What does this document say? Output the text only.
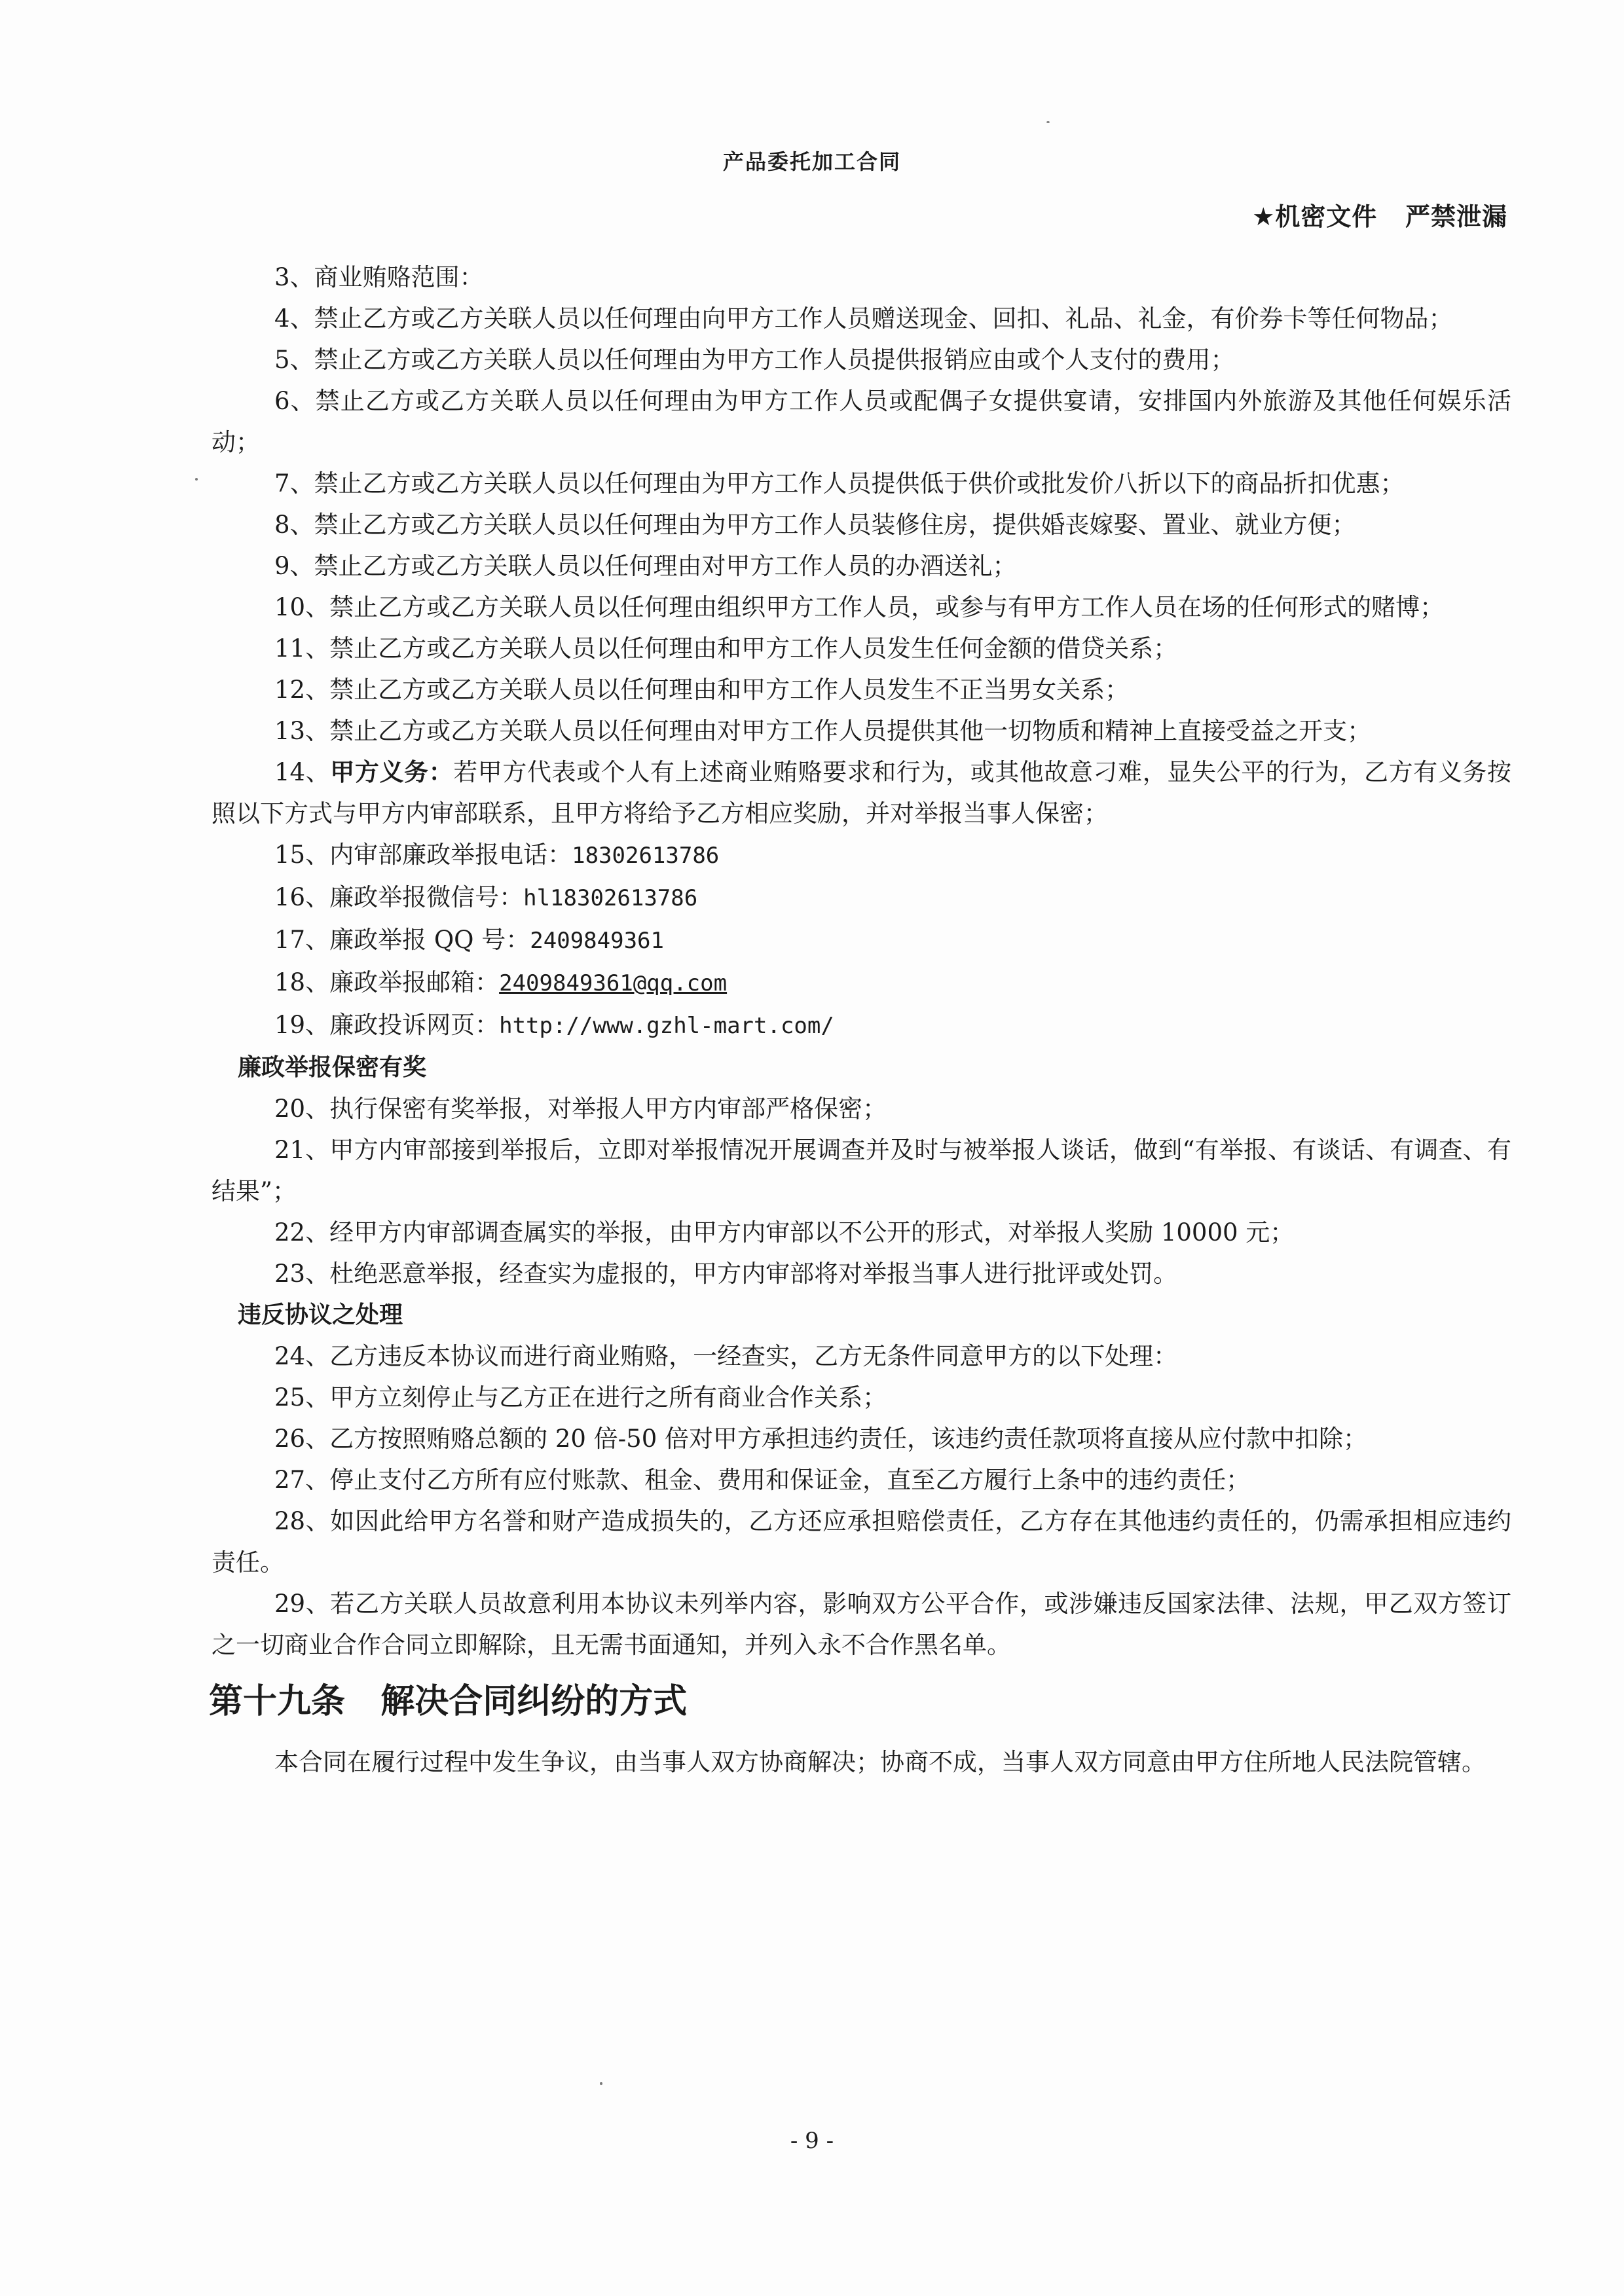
产品委托加工合同
★机密文件   严禁泄漏

3、商业贿赂范围：

4、禁止乙方或乙方关联人员以任何理由向甲方工作人员赠送现金、回扣、礼品、礼金，有价券卡等任何物品；

5、禁止乙方或乙方关联人员以任何理由为甲方工作人员提供报销应由或个人支付的费用；

6、禁止乙方或乙方关联人员以任何理由为甲方工作人员或配偶子女提供宴请，安排国内外旅游及其他任何娱乐活动；

7、禁止乙方或乙方关联人员以任何理由为甲方工作人员提供低于供价或批发价八折以下的商品折扣优惠；

8、禁止乙方或乙方关联人员以任何理由为甲方工作人员装修住房，提供婚丧嫁娶、置业、就业方便；

9、禁止乙方或乙方关联人员以任何理由对甲方工作人员的办酒送礼；

10、禁止乙方或乙方关联人员以任何理由组织甲方工作人员，或参与有甲方工作人员在场的任何形式的赌博；

11、禁止乙方或乙方关联人员以任何理由和甲方工作人员发生任何金额的借贷关系；

12、禁止乙方或乙方关联人员以任何理由和甲方工作人员发生不正当男女关系；

13、禁止乙方或乙方关联人员以任何理由对甲方工作人员提供其他一切物质和精神上直接受益之开支；

14、甲方义务：若甲方代表或个人有上述商业贿赂要求和行为，或其他故意刁难，显失公平的行为，乙方有义务按照以下方式与甲方内审部联系，且甲方将给予乙方相应奖励，并对举报当事人保密；

15、内审部廉政举报电话：18302613786

16、廉政举报微信号：hl18302613786

17、廉政举报 QQ 号：2409849361

18、廉政举报邮箱：2409849361@qq.com

19、廉政投诉网页：http://www.gzhl-mart.com/

廉政举报保密有奖

20、执行保密有奖举报，对举报人甲方内审部严格保密；

21、甲方内审部接到举报后，立即对举报情况开展调查并及时与被举报人谈话，做到“有举报、有谈话、有调查、有结果”；

22、经甲方内审部调查属实的举报，由甲方内审部以不公开的形式，对举报人奖励 10000 元；

23、杜绝恶意举报，经查实为虚报的，甲方内审部将对举报当事人进行批评或处罚。

违反协议之处理

24、乙方违反本协议而进行商业贿赂，一经查实，乙方无条件同意甲方的以下处理：

25、甲方立刻停止与乙方正在进行之所有商业合作关系；

26、乙方按照贿赂总额的 20 倍-50 倍对甲方承担违约责任，该违约责任款项将直接从应付款中扣除；

27、停止支付乙方所有应付账款、租金、费用和保证金，直至乙方履行上条中的违约责任；

28、如因此给甲方名誉和财产造成损失的，乙方还应承担赔偿责任，乙方存在其他违约责任的，仍需承担相应违约责任。

29、若乙方关联人员故意利用本协议未列举内容，影响双方公平合作，或涉嫌违反国家法律、法规，甲乙双方签订之一切商业合作合同立即解除，且无需书面通知，并列入永不合作黑名单。

第十九条   解决合同纠纷的方式

本合同在履行过程中发生争议，由当事人双方协商解决；协商不成，当事人双方同意由甲方住所地人民法院管辖。

- 9 -
